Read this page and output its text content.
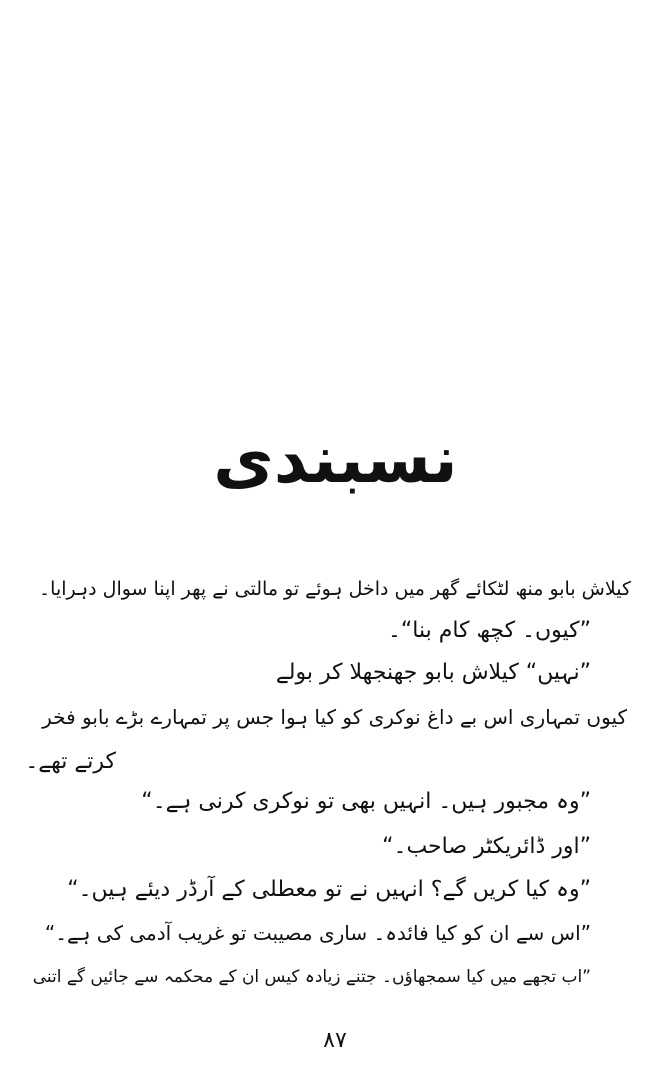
نسبندی
کیلاش بابو منھ لٹکائے گھر میں داخل ہوئے تو مالتی نے پھر اپنا سوال دہرایا۔
”کیوں۔ کچھ کام بنا“۔
”نہیں“ کیلاش بابو جھنجھلا کر بولے
کیوں تمہاری اس بے داغ نوکری کو کیا ہوا جس پر تمہارے بڑے بابو فخر
کرتے تھے۔
”وہ مجبور ہیں۔ انہیں بھی تو نوکری کرنی ہے۔“
”اور ڈائریکٹر صاحب۔“
”وہ کیا کریں گے؟ انہیں نے تو معطلی کے آرڈر دیئے ہیں۔“
”اس سے ان کو کیا فائدہ۔ ساری مصیبت تو غریب آدمی کی ہے۔“
”اب تجھے میں کیا سمجھاؤں۔ جتنے زیادہ کیس ان کے محکمہ سے جائیں گے اتنی
۸۷
